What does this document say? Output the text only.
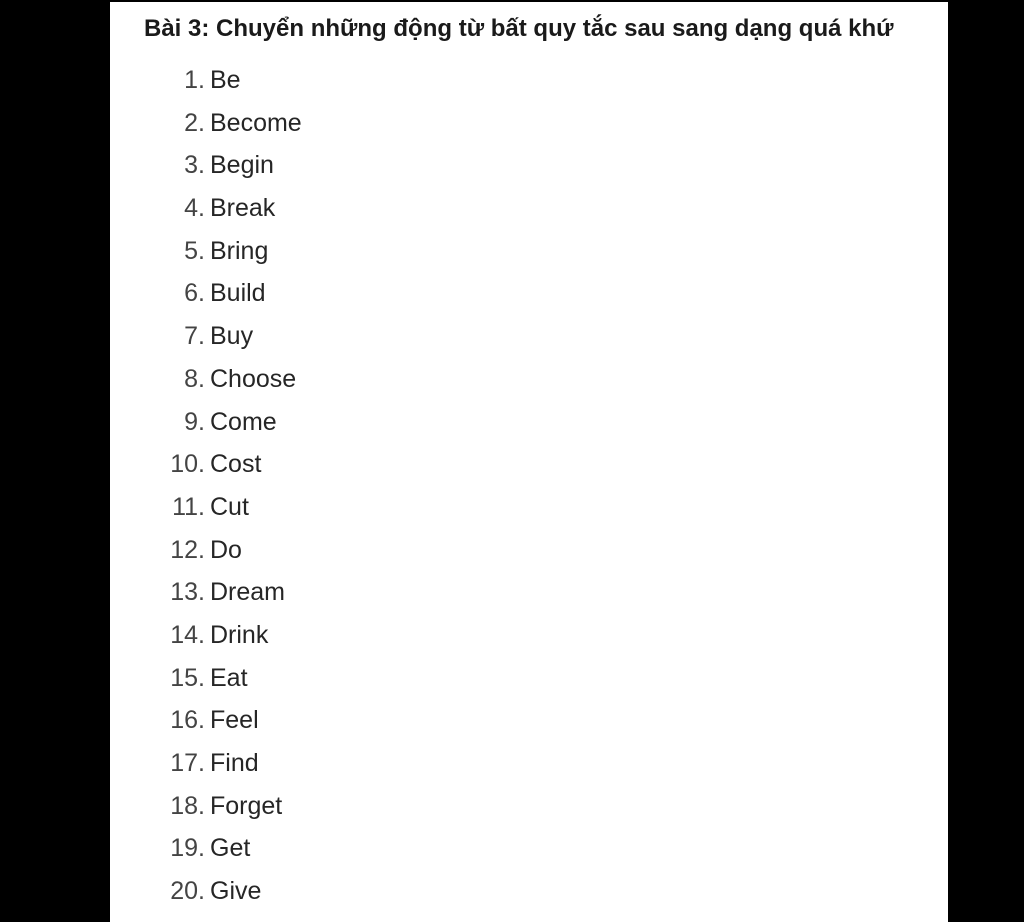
Bài 3: Chuyển những động từ bất quy tắc sau sang dạng quá khứ
1. Be
2. Become
3. Begin
4. Break
5. Bring
6. Build
7. Buy
8. Choose
9. Come
10. Cost
11. Cut
12. Do
13. Dream
14. Drink
15. Eat
16. Feel
17. Find
18. Forget
19. Get
20. Give
